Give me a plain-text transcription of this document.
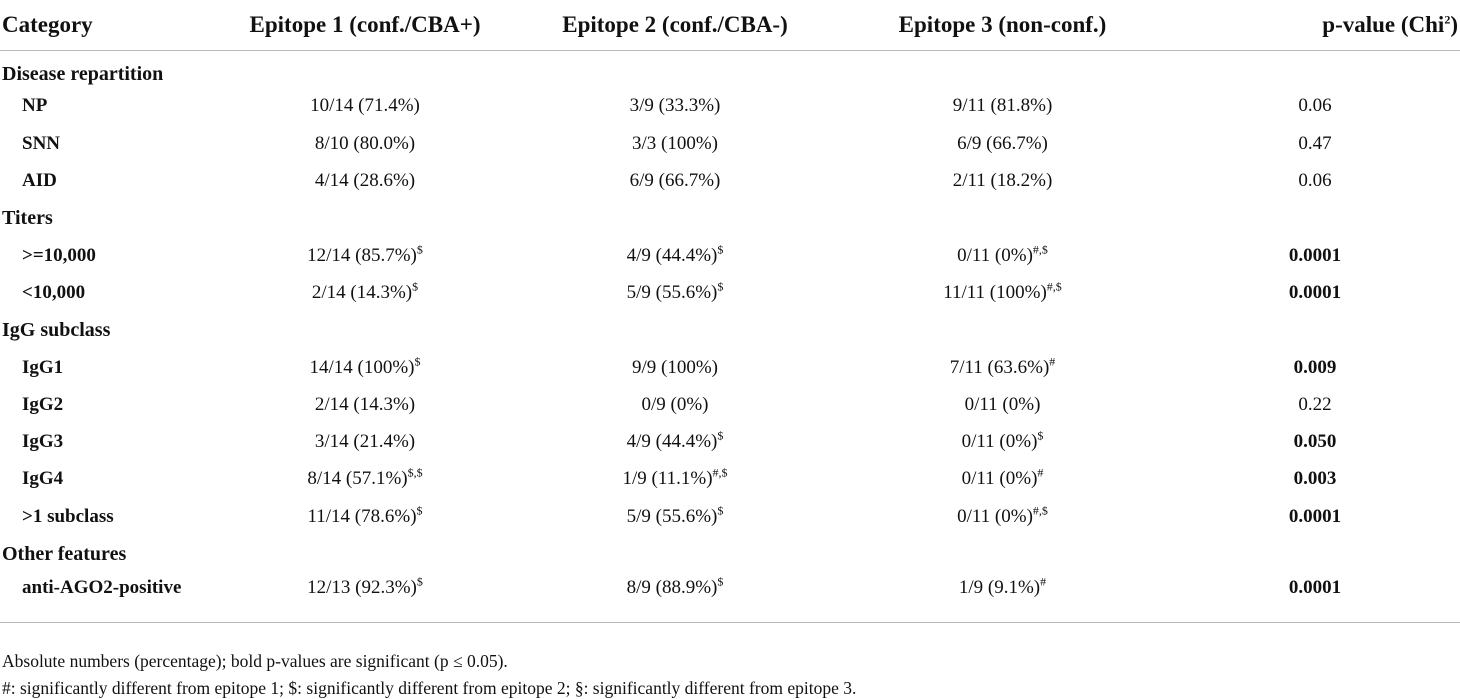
Category	Epitope 1 (conf./CBA+)	Epitope 2 (conf./CBA-)	Epitope 3 (non-conf.)	p-value (Chi$^2$)
Disease repartition				
NP	10/14 (71.4%)	3/9 (33.3%)	9/11 (81.8%)	0.06
SNN	8/10 (80.0%)	3/3 (100%)	6/9 (66.7%)	0.47
AID	4/14 (28.6%)	6/9 (66.7%)	2/11 (18.2%)	0.06
Titers				
>=10,000	12/14 (85.7%)$	4/9 (44.4%)$	0/11 (0%)#,$	0.0001
<10,000	2/14 (14.3%)$	5/9 (55.6%)$	11/11 (100%)#,$	0.0001
IgG subclass				
IgG1	14/14 (100%)$	9/9 (100%)	7/11 (63.6%)#	0.009
IgG2	2/14 (14.3%)	0/9 (0%)	0/11 (0%)	0.22
IgG3	3/14 (21.4%)	4/9 (44.4%)$	0/11 (0%)$	0.050
IgG4	8/14 (57.1%)$,$	1/9 (11.1%)#,$	0/11 (0%)#	0.003
>1 subclass	11/14 (78.6%)$	5/9 (55.6%)$	0/11 (0%)#,$	0.0001
Other features				
anti-AGO2-positive	12/13 (92.3%)$	8/9 (88.9%)$	1/9 (9.1%)#	0.0001
Absolute numbers (percentage); bold p-values are significant (p ≤ 0.05).
#: significantly different from epitope 1; $: significantly different from epitope 2; §: significantly different from epitope 3.
